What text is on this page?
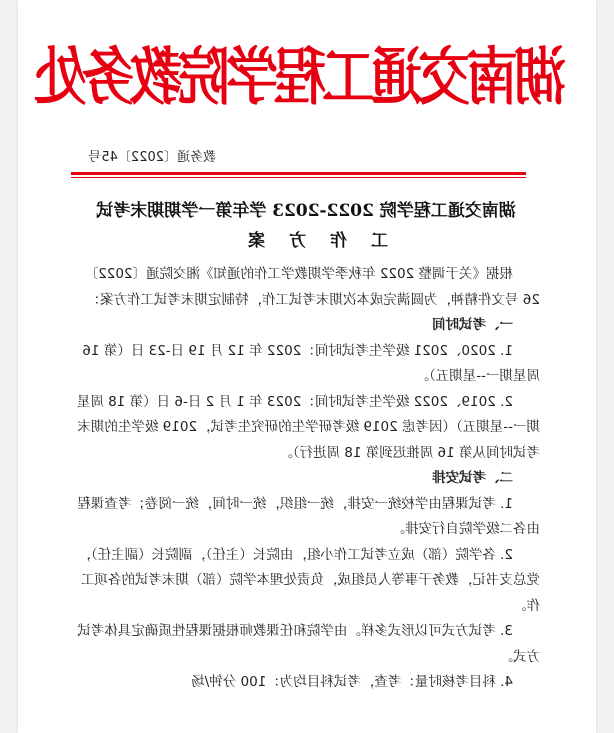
湖南交通工程学院教务处
教务通〔2022〕45号
湖南交通工程学院 2022-2023 学年第一学期期末考试
工作方案

根据《关于调整 2022 年秋季学期教学工作的通知》湘交院通〔2022〕26 号文件精神，为圆满完成本次期末考试工作，特制定期末考试工作方案：

一、考试时间

1. 2020、2021 级学生考试时间：2022 年 12 月 19 日-23 日（第 16 周星期一--星期五）。

2. 2019、2022 级学生考试时间：2023 年 1 月 2 日-6 日（第 18 周星期一--星期五）（因考虑 2019 级考研学生的研究生考试，2019 级学生的期末考试时间从第 16 周推迟到第 18 周进行）。

二、考试安排

1. 考试课程由学校统一安排，统一组织，统一时间，统一阅卷；考查课程由各二级学院自行安排。

2. 各学院（部）成立考试工作小组，由院长（主任），副院长（副主任），党总支书记，教务干事等人员组成，负责处理本学院（部）期末考试的各项工作。

3. 考试方式可以形式多样。由学院和任课教师根据课程性质确定具体考试方式。

4. 科目考核时量：考查，考试科目均为：100 分钟/场
